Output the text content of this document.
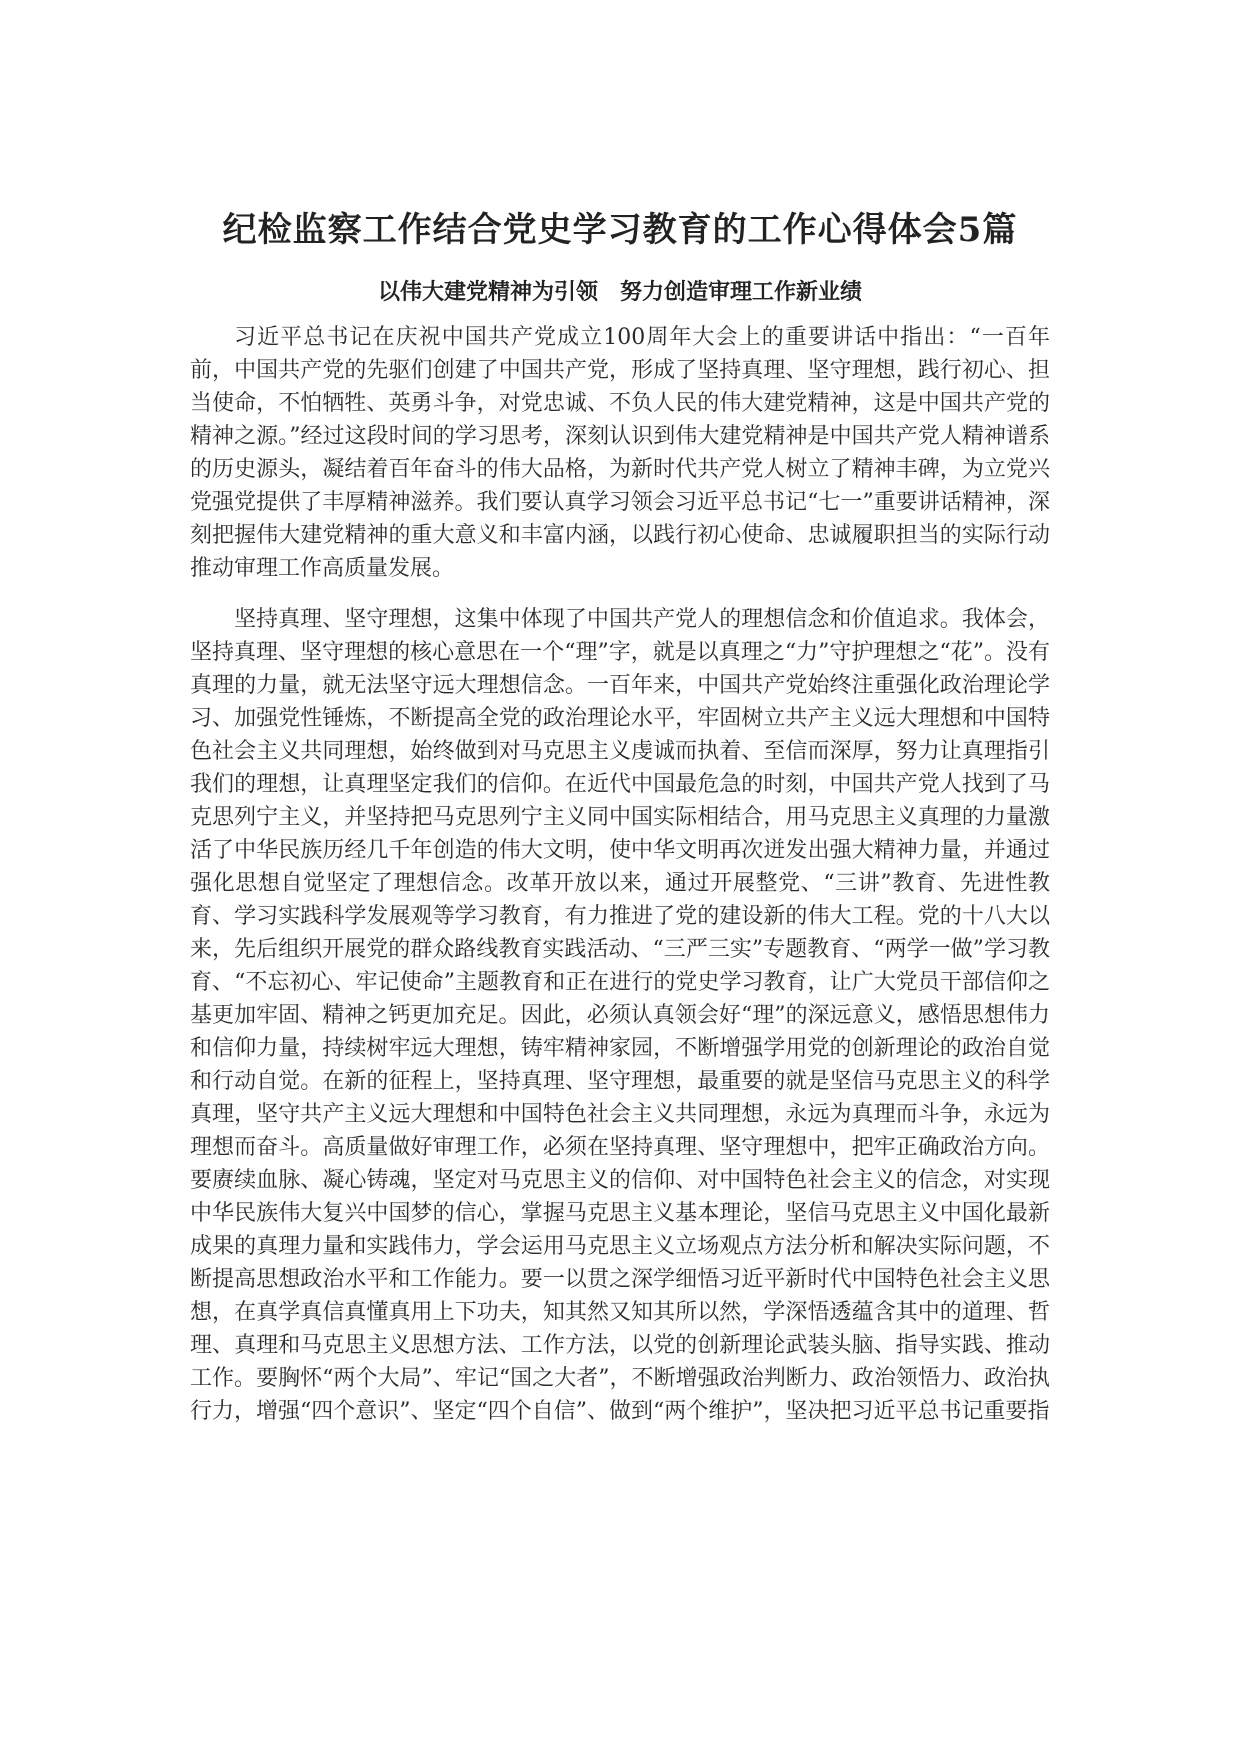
纪检监察工作结合党史学习教育的工作心得体会5篇
以伟大建党精神为引领　努力创造审理工作新业绩

习近平总书记在庆祝中国共产党成立100周年大会上的重要讲话中指出：“一百年前，中国共产党的先驱们创建了中国共产党，形成了坚持真理、坚守理想，践行初心、担当使命，不怕牺牲、英勇斗争，对党忠诚、不负人民的伟大建党精神，这是中国共产党的精神之源。”经过这段时间的学习思考，深刻认识到伟大建党精神是中国共产党人精神谱系的历史源头，凝结着百年奋斗的伟大品格，为新时代共产党人树立了精神丰碑，为立党兴党强党提供了丰厚精神滋养。我们要认真学习领会习近平总书记“七一”重要讲话精神，深刻把握伟大建党精神的重大意义和丰富内涵，以践行初心使命、忠诚履职担当的实际行动推动审理工作高质量发展。

坚持真理、坚守理想，这集中体现了中国共产党人的理想信念和价值追求。我体会，坚持真理、坚守理想的核心意思在一个“理”字，就是以真理之“力”守护理想之“花”。没有真理的力量，就无法坚守远大理想信念。一百年来，中国共产党始终注重强化政治理论学习、加强党性锤炼，不断提高全党的政治理论水平，牢固树立共产主义远大理想和中国特色社会主义共同理想，始终做到对马克思主义虔诚而执着、至信而深厚，努力让真理指引我们的理想，让真理坚定我们的信仰。在近代中国最危急的时刻，中国共产党人找到了马克思列宁主义，并坚持把马克思列宁主义同中国实际相结合，用马克思主义真理的力量激活了中华民族历经几千年创造的伟大文明，使中华文明再次迸发出强大精神力量，并通过强化思想自觉坚定了理想信念。改革开放以来，通过开展整党、“三讲”教育、先进性教育、学习实践科学发展观等学习教育，有力推进了党的建设新的伟大工程。党的十八大以来，先后组织开展党的群众路线教育实践活动、“三严三实”专题教育、“两学一做”学习教育、“不忘初心、牢记使命”主题教育和正在进行的党史学习教育，让广大党员干部信仰之基更加牢固、精神之钙更加充足。因此，必须认真领会好“理”的深远意义，感悟思想伟力和信仰力量，持续树牢远大理想，铸牢精神家园，不断增强学用党的创新理论的政治自觉和行动自觉。在新的征程上，坚持真理、坚守理想，最重要的就是坚信马克思主义的科学真理，坚守共产主义远大理想和中国特色社会主义共同理想，永远为真理而斗争，永远为理想而奋斗。高质量做好审理工作，必须在坚持真理、坚守理想中，把牢正确政治方向。要赓续血脉、凝心铸魂，坚定对马克思主义的信仰、对中国特色社会主义的信念，对实现中华民族伟大复兴中国梦的信心，掌握马克思主义基本理论，坚信马克思主义中国化最新成果的真理力量和实践伟力，学会运用马克思主义立场观点方法分析和解决实际问题，不断提高思想政治水平和工作能力。要一以贯之深学细悟习近平新时代中国特色社会主义思想，在真学真信真懂真用上下功夫，知其然又知其所以然，学深悟透蕴含其中的道理、哲理、真理和马克思主义思想方法、工作方法，以党的创新理论武装头脑、指导实践、推动工作。要胸怀“两个大局”、牢记“国之大者”，不断增强政治判断力、政治领悟力、政治执行力，增强“四个意识”、坚定“四个自信”、做到“两个维护”，坚决把习近平总书记重要指
